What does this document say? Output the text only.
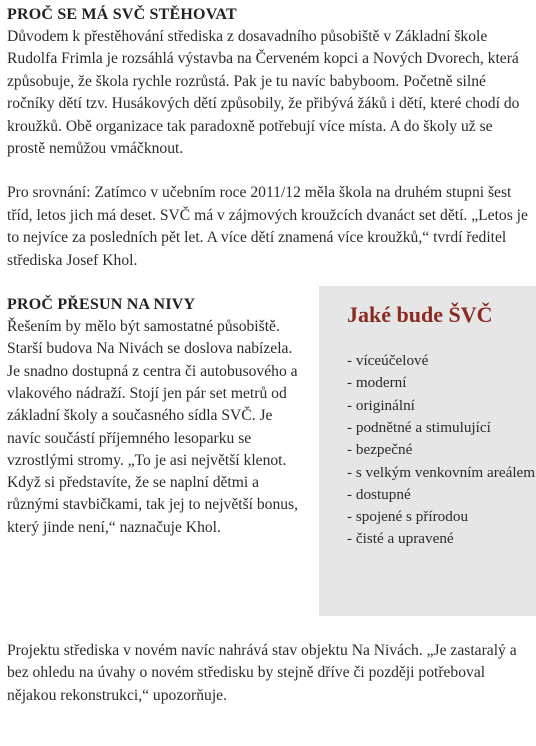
PROČ SE MÁ SVČ STĚHOVAT

Důvodem k přestěhování střediska z dosavadního působiště v Základní škole Rudolfa Frimla je rozsáhlá výstavba na Červeném kopci a Nových Dvorech, která způsobuje, že škola rychle rozrůstá. Pak je tu navíc babyboom. Početně silné ročníky dětí tzv. Husákových dětí způsobily, že přibývá žáků i dětí, které chodí do kroužků. Obě organizace tak paradoxně potřebují více místa. A do školy už se prostě nemůžou vmáčknout.

Pro srovnání: Zatímco v učebním roce 2011/12 měla škola na druhém stupni šest tříd, letos jich má deset. SVČ má v zájmových kroužcích dvanáct set dětí. „Letos je to nejvíce za posledních pět let. A více dětí znamená více kroužků,“ tvrdí ředitel střediska Josef Khol.

PROČ PŘESUN NA NIVY

Řešením by mělo být samostatné působiště. Starší budova Na Nivách se doslova nabízela. Je snadno dostupná z centra či autobusového a vlakového nádraží. Stojí jen pár set metrů od základní školy a současného sídla SVČ. Je navíc součástí příjemného lesoparku se vzrostlými stromy. „To je asi největší klenot. Když si představíte, že se naplní dětmi a různými stavbičkami, tak jej to největší bonus, který jinde není,“ naznačuje Khol.

Jaké bude ŠVČ
- víceúčelové
- moderní
- originální
- podnětné a stimulující
- bezpečné
- s velkým venkovním areálem
- dostupné
- spojené s přírodou
- čisté a upravené

Projektu střediska v novém navíc nahrává stav objektu Na Nivách. „Je zastaralý a bez ohledu na úvahy o novém středisku by stejně dříve či později potřeboval nějakou rekonstrukci,“ upozorňuje.
